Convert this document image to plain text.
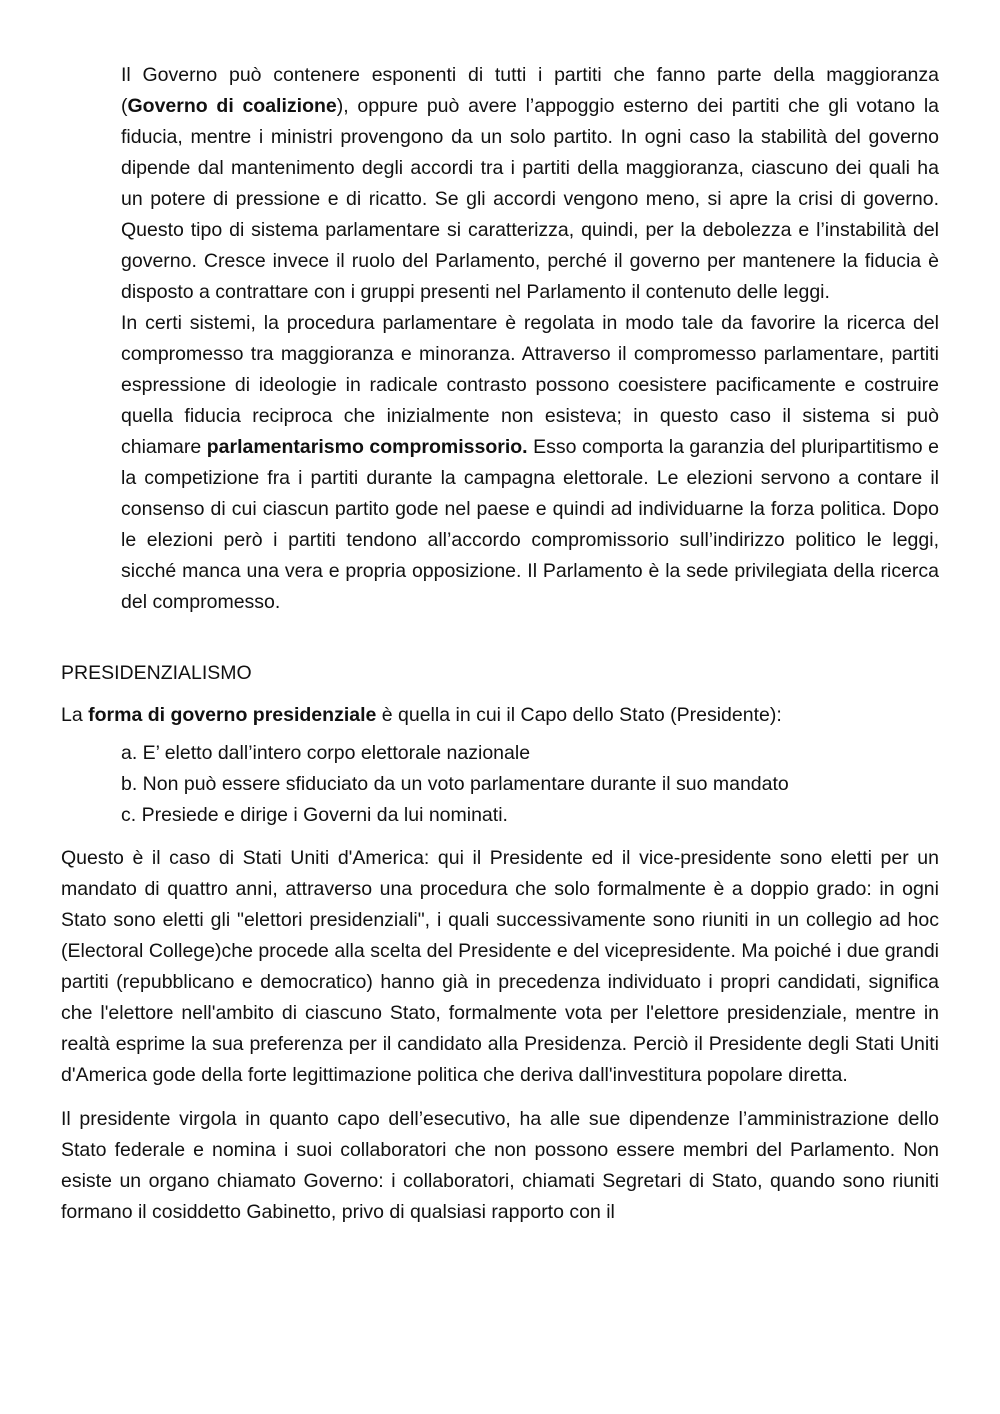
Il Governo può contenere esponenti di tutti i partiti che fanno parte della maggioranza (Governo di coalizione), oppure può avere l’appoggio esterno dei partiti che gli votano la fiducia, mentre i ministri provengono da un solo partito. In ogni caso la stabilità del governo dipende dal mantenimento degli accordi tra i partiti della maggioranza, ciascuno dei quali ha un potere di pressione e di ricatto. Se gli accordi vengono meno, si apre la crisi di governo. Questo tipo di sistema parlamentare si caratterizza, quindi, per la debolezza e l’instabilità del governo. Cresce invece il ruolo del Parlamento, perché il governo per mantenere la fiducia è disposto a contrattare con i gruppi presenti nel Parlamento il contenuto delle leggi.

In certi sistemi, la procedura parlamentare è regolata in modo tale da favorire la ricerca del compromesso tra maggioranza e minoranza. Attraverso il compromesso parlamentare, partiti espressione di ideologie in radicale contrasto possono coesistere pacificamente e costruire quella fiducia reciproca che inizialmente non esisteva; in questo caso il sistema si può chiamare parlamentarismo compromissorio. Esso comporta la garanzia del pluripartitismo e la competizione fra i partiti durante la campagna elettorale. Le elezioni servono a contare il consenso di cui ciascun partito gode nel paese e quindi ad individuarne la forza politica. Dopo le elezioni però i partiti tendono all’accordo compromissorio sull’indirizzo politico le leggi, sicché manca una vera e propria opposizione. Il Parlamento è la sede privilegiata della ricerca del compromesso.

PRESIDENZIALISMO

La forma di governo presidenziale è quella in cui il Capo dello Stato (Presidente):

a. E’ eletto dall’intero corpo elettorale nazionale
b. Non può essere sfiduciato da un voto parlamentare durante il suo mandato
c. Presiede e dirige i Governi da lui nominati.

Questo è il caso di Stati Uniti d'America: qui il Presidente ed il vice-presidente sono eletti per un mandato di quattro anni, attraverso una procedura che solo formalmente è a doppio grado: in ogni Stato sono eletti gli "elettori presidenziali", i quali successivamente sono riuniti in un collegio ad hoc (Electoral College)che procede alla scelta del Presidente e del vicepresidente. Ma poiché i due grandi partiti (repubblicano e democratico) hanno già in precedenza individuato i propri candidati, significa che l'elettore nell'ambito di ciascuno Stato, formalmente vota per l'elettore presidenziale, mentre in realtà esprime la sua preferenza per il candidato alla Presidenza. Perciò il Presidente degli Stati Uniti d'America gode della forte legittimazione politica che deriva dall'investitura popolare diretta.

Il presidente virgola in quanto capo dell’esecutivo, ha alle sue dipendenze l’amministrazione dello Stato federale e nomina i suoi collaboratori che non possono essere membri del Parlamento. Non esiste un organo chiamato Governo: i collaboratori, chiamati Segretari di Stato, quando sono riuniti formano il cosiddetto Gabinetto, privo di qualsiasi rapporto con il
